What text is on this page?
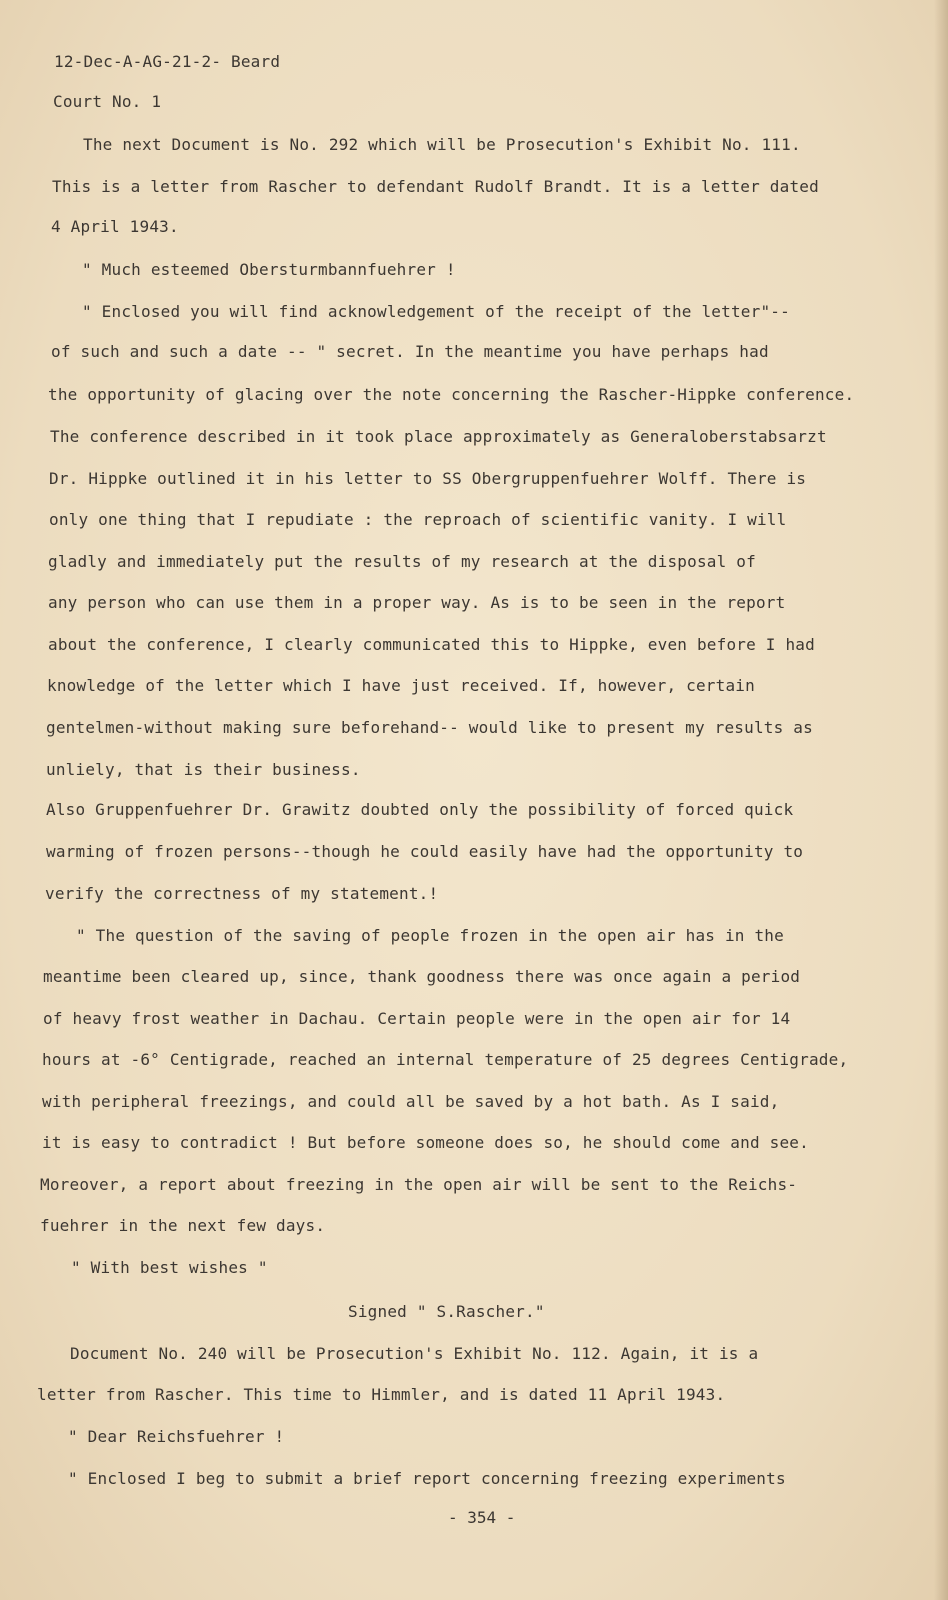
12-Dec-A-AG-21-2- Beard
Court No. 1
The next Document is No. 292 which will be Prosecution's Exhibit No. 111.
This is a letter from Rascher to defendant Rudolf Brandt. It is a letter dated
4 April 1943.
" Much esteemed Obersturmbannfuehrer !
" Enclosed you will find acknowledgement of the receipt of the letter"--
of such and such a date -- " secret. In the meantime you have perhaps had
the opportunity of glacing over the note concerning the Rascher-Hippke conference.
The conference described in it took place approximately as Generaloberstabsarzt
Dr. Hippke outlined it in his letter to SS Obergruppenfuehrer Wolff. There is
only one thing that I repudiate : the reproach of scientific vanity. I will
gladly and immediately put the results of my research at the disposal of
any person who can use them in a proper way. As is to be seen in the report
about the conference, I clearly communicated this to Hippke, even before I had
knowledge of the letter which I have just received. If, however, certain
gentelmen-without making sure beforehand-- would like to present my results as
unliely, that is their business.
Also Gruppenfuehrer Dr. Grawitz doubted only the possibility of forced quick
warming of frozen persons--though he could easily have had the opportunity to
verify the correctness of my statement.!
" The question of the saving of people frozen in the open air has in the
meantime been cleared up, since, thank goodness there was once again a period
of heavy frost weather in Dachau. Certain people were in the open air for 14
hours at -6° Centigrade, reached an internal temperature of 25 degrees Centigrade,
with peripheral freezings, and could all be saved by a hot bath. As I said,
it is easy to contradict ! But before someone does so, he should come and see.
Moreover, a report about freezing in the open air will be sent to the Reichs-
fuehrer in the next few days.
" With best wishes "
Signed " S.Rascher."
Document No. 240 will be Prosecution's Exhibit No. 112. Again, it is a
letter from Rascher. This time to Himmler, and is dated 11 April 1943.
" Dear Reichsfuehrer !
" Enclosed I beg to submit a brief report concerning freezing experiments
- 354 -
